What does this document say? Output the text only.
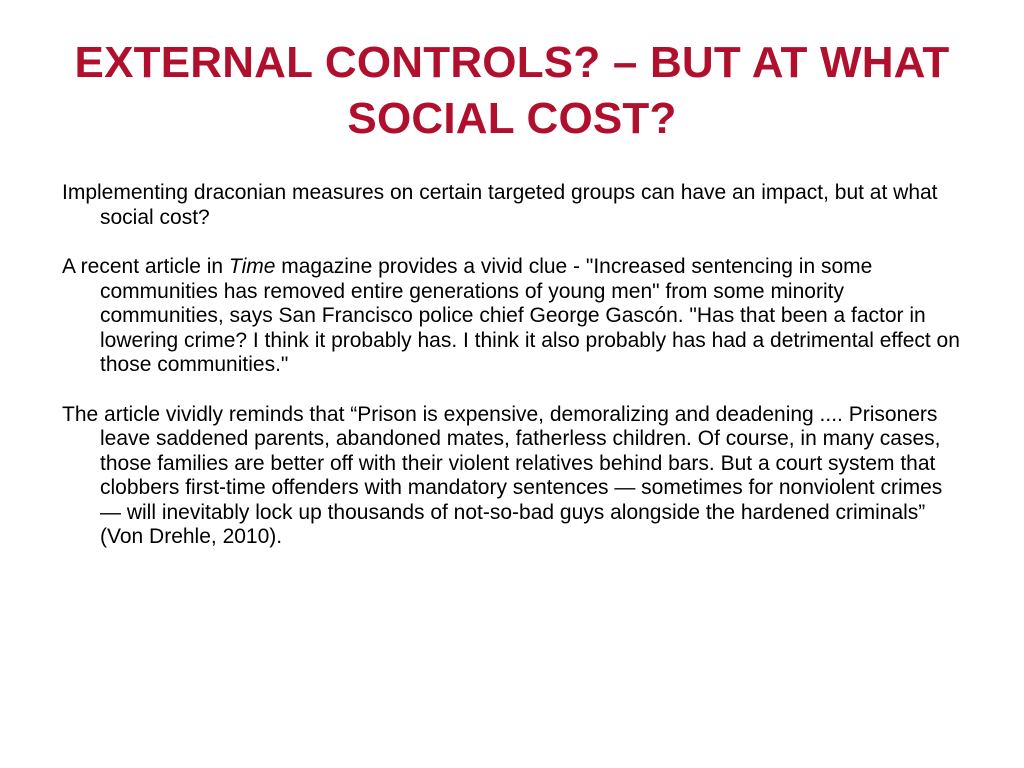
EXTERNAL CONTROLS? – BUT AT WHAT SOCIAL COST?

Implementing draconian measures on certain targeted groups can have an impact, but at what social cost?

A recent article in Time magazine provides a vivid clue - "Increased sentencing in some communities has removed entire generations of young men" from some minority communities, says San Francisco police chief George Gascón. "Has that been a factor in lowering crime? I think it probably has. I think it also probably has had a detrimental effect on those communities."

The article vividly reminds that “Prison is expensive, demoralizing and deadening .... Prisoners leave saddened parents, abandoned mates, fatherless children. Of course, in many cases, those families are better off with their violent relatives behind bars. But a court system that clobbers first-time offenders with mandatory sentences — sometimes for nonviolent crimes — will inevitably lock up thousands of not-so-bad guys alongside the hardened criminals” (Von Drehle, 2010).
